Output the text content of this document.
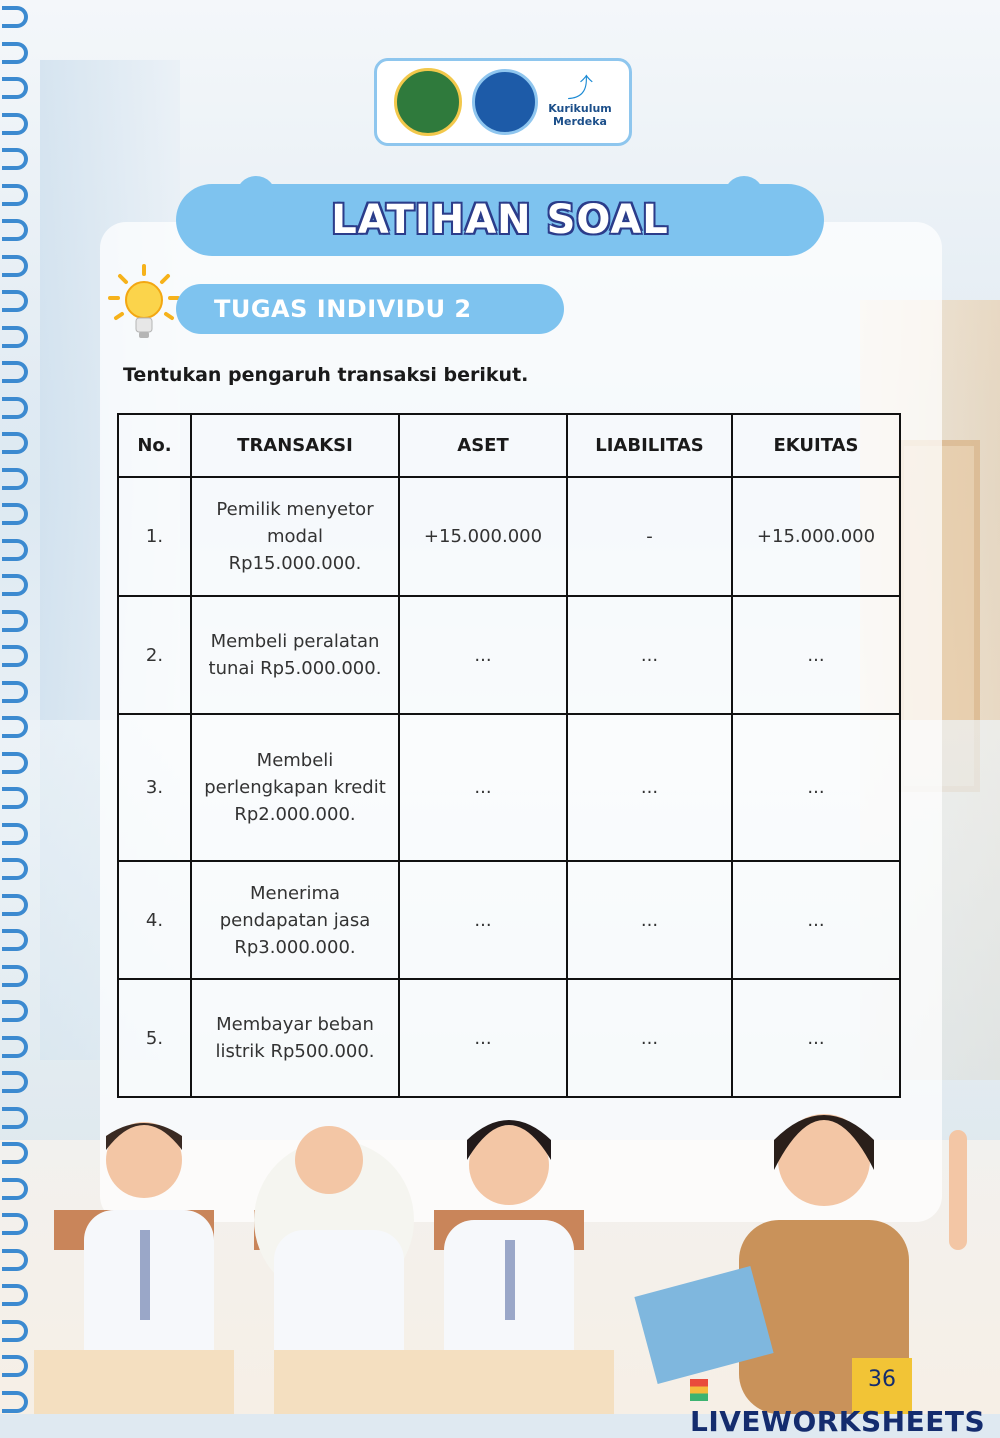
⤴
Kurikulum
Merdeka
LATIHAN SOAL
TUGAS INDIVIDU 2
Tentukan pengaruh transaksi berikut.
No.	TRANSAKSI	ASET	LIABILITAS	EKUITAS
1.	Pemilik menyetor modal Rp15.000.000.	+15.000.000	-	+15.000.000
2.	Membeli peralatan tunai Rp5.000.000.	...	...	...
3.	Membeli perlengkapan kredit Rp2.000.000.	...	...	...
4.	Menerima pendapatan jasa Rp3.000.000.	...	...	...
5.	Membayar beban listrik Rp500.000.	...	...	...
36
LIVEWORKSHEETS
